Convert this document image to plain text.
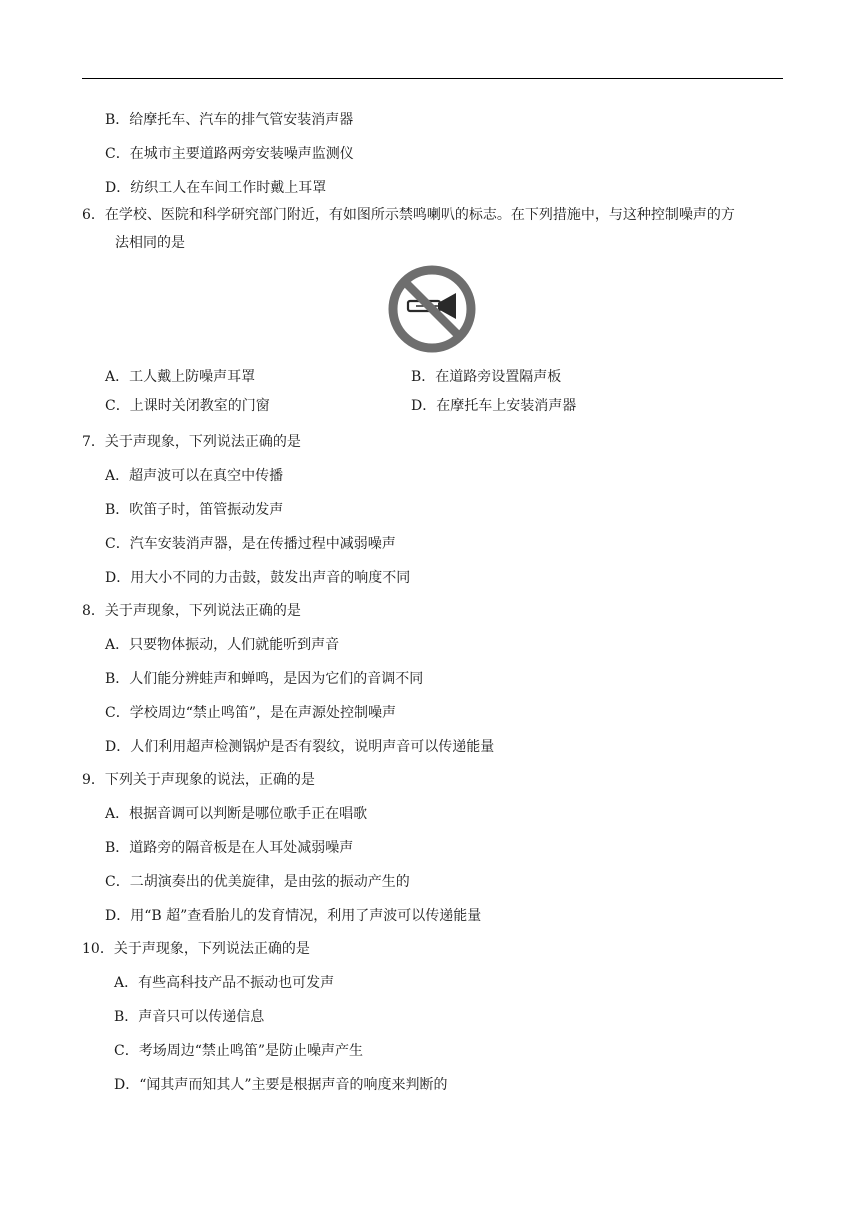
B．给摩托车、汽车的排气管安装消声器
C．在城市主要道路两旁安装噪声监测仪
D．纺织工人在车间工作时戴上耳罩
6．在学校、医院和科学研究部门附近，有如图所示禁鸣喇叭的标志。在下列措施中，与这种控制噪声的方
法相同的是
A．工人戴上防噪声耳罩	B．在道路旁设置隔声板
C．上课时关闭教室的门窗	D．在摩托车上安装消声器
7．关于声现象，下列说法正确的是
A．超声波可以在真空中传播
B．吹笛子时，笛管振动发声
C．汽车安装消声器，是在传播过程中减弱噪声
D．用大小不同的力击鼓，鼓发出声音的响度不同
8．关于声现象，下列说法正确的是
A．只要物体振动，人们就能听到声音
B．人们能分辨蛙声和蝉鸣，是因为它们的音调不同
C．学校周边“禁止鸣笛”，是在声源处控制噪声
D．人们利用超声检测锅炉是否有裂纹，说明声音可以传递能量
9．下列关于声现象的说法，正确的是
A．根据音调可以判断是哪位歌手正在唱歌
B．道路旁的隔音板是在人耳处减弱噪声
C．二胡演奏出的优美旋律，是由弦的振动产生的
D．用“B 超”查看胎儿的发育情况，利用了声波可以传递能量
10．关于声现象，下列说法正确的是
A．有些高科技产品不振动也可发声
B．声音只可以传递信息
C．考场周边“禁止鸣笛”是防止噪声产生
D．“闻其声而知其人”主要是根据声音的响度来判断的
